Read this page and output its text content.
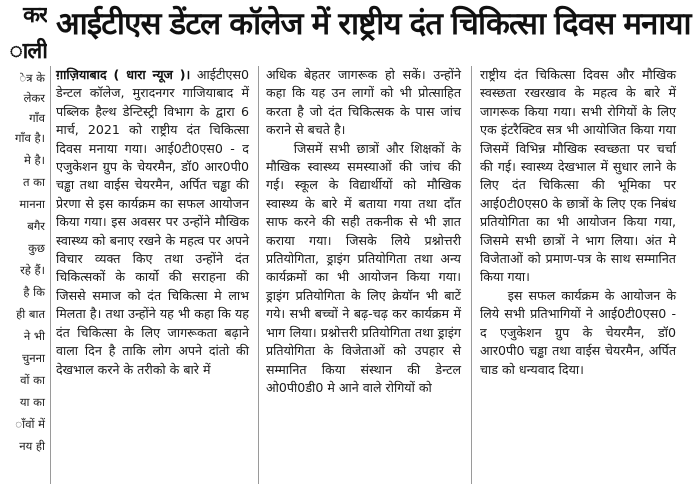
कर
ाली
ेत्र के
लेकर
गाँव
गाँव है।
मे है।
त का
मानना
बगैर
कुछ
रहे हैं।
है कि
ही बात
ने भी
चुनना
वों का
या का
ाँवों में
नय ही
आईटीएस डेंटल कॉलेज में राष्ट्रीय दंत चिकित्सा दिवस मनाया

ग़ाज़ियाबाद ( धारा न्यूज )। आईटीएस0 डेन्टल कॉलेज, मुरादनगर गाजियाबाद में पब्लिक हैल्थ डेन्टिस्ट्री विभाग के द्वारा 6 मार्च, 2021 को राष्ट्रीय दंत चिकित्सा दिवस मनाया गया। आई0टी0एस0 - द एजुकेशन ग्रुप के चेयरमैन, डॉ0 आर0पी0 चड्ढा तथा वाईस चेयरमैन, अर्पित चड्ढा की प्रेरणा से इस कार्यक्रम का सफल आयोजन किया गया। इस अवसर पर उन्होंने मौखिक स्वास्थ्य को बनाए रखने के महत्व पर अपने विचार व्यक्त किए तथा उन्होंने दंत चिकित्सकों के कार्यो की सराहना की जिससे समाज को दंत चिकित्सा मे लाभ मिलता है। तथा उन्होंने यह भी कहा कि यह दंत चिकित्सा के लिए जागरूकता बढ़ाने वाला दिन है ताकि लोग अपने दांतो की देखभाल करने के तरीको के बारे में

अधिक बेहतर जागरूक हो सकें। उन्होंने कहा कि यह उन लागों को भी प्रोत्साहित करता है जो दंत चिकित्सक के पास जांच कराने से बचते है।

जिसमें सभी छात्रों और शिक्षकों के मौखिक स्वास्थ्य समस्याओं की जांच की गई। स्कूल के विद्यार्थीयों को मौखिक स्वास्थ्य के बारे में बताया गया तथा दाँत साफ करने की सही तकनीक से भी ज्ञात कराया गया। जिसके लिये प्रश्नोत्तरी प्रतियोगिता, ड्राइंग प्रतियोगिता तथा अन्य कार्यक्रमों का भी आयोजन किया गया। ड्राइंग प्रतियोगिता के लिए क्रेयॉन भी बाटें गये। सभी बच्चों ने बढ़-चढ़ कर कार्यक्रम में भाग लिया। प्रश्नोत्तरी प्रतियोगिता तथा ड्राइंग प्रतियोगिता के विजेताओं को उपहार से सम्मानित किया संस्थान की डेन्टल ओ0पी0डी0 मे आने वाले रोगियों को

राष्ट्रीय दंत चिकित्सा दिवस और मौखिक स्वस्छता रखरखाव के महत्व के बारे में जागरूक किया गया। सभी रोगियों के लिए एक इंटरैक्टिव सत्र भी आयोजित किया गया जिसमें विभिन्न मौखिक स्वच्छता पर चर्चा की गई। स्वास्थ्य देखभाल में सुधार लाने के लिए दंत चिकित्सा की भूमिका पर आई0टी0एस0 के छात्रों के लिए एक निबंध प्रतियोगिता का भी आयोजन किया गया, जिसमे सभी छात्रों ने भाग लिया। अंत मे विजेताओं को प्रमाण-पत्र के साथ सम्मानित किया गया।

इस सफल कार्यक्रम के आयोजन के लिये सभी प्रतिभागियों ने आई0टी0एस0 - द एजुकेशन ग्रुप के चेयरमैन, डॉ0 आर0पी0 चड्ढा तथा वाईस चेयरमैन, अर्पित चाड को धन्यवाद दिया।
